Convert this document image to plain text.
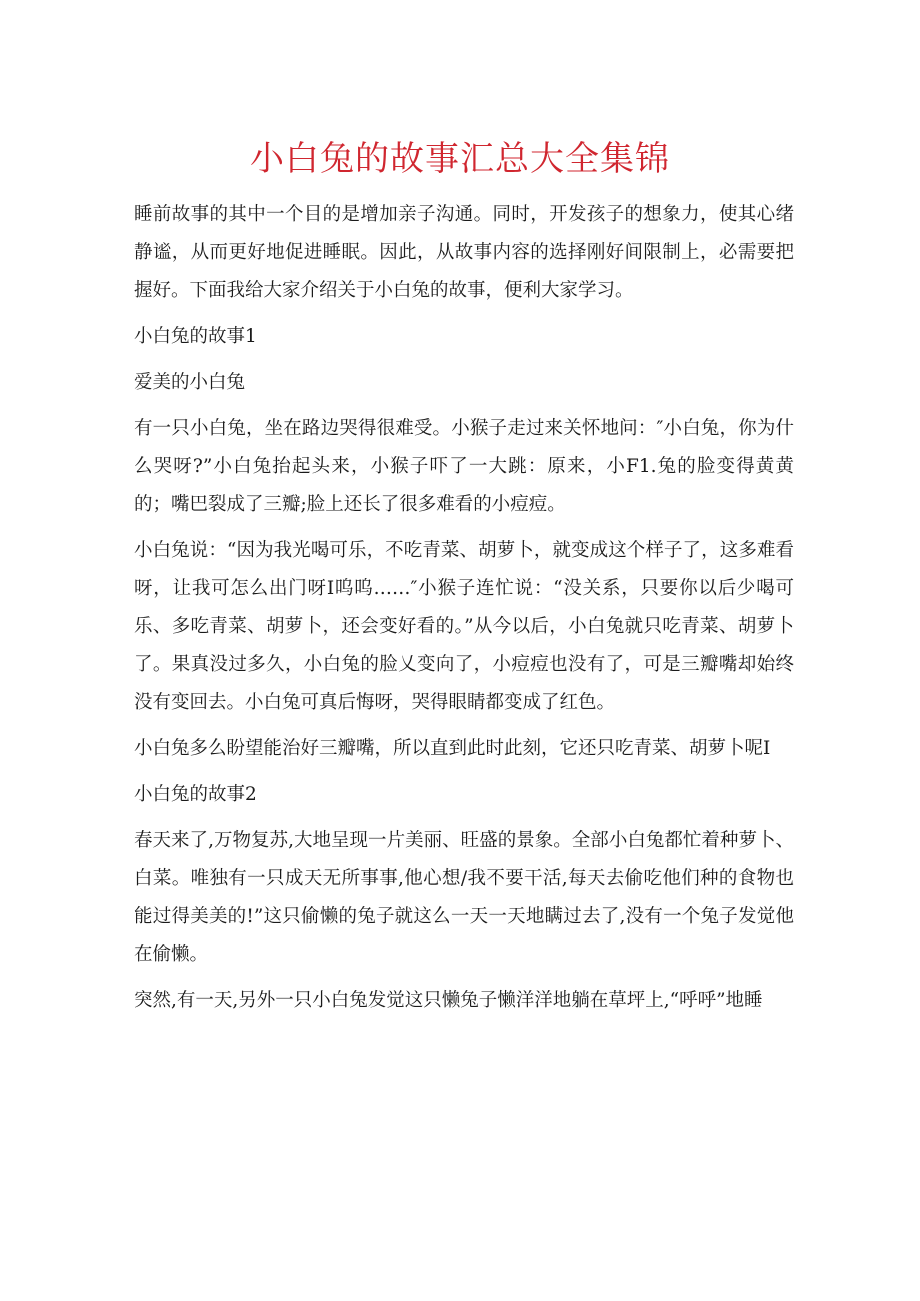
小白兔的故事汇总大全集锦

睡前故事的其中一个目的是增加亲子沟通。同时，开发孩子的想象力，使其心绪静谧，从而更好地促进睡眠。因此，从故事内容的选择刚好间限制上，必需要把握好。下面我给大家介绍关于小白兔的故事，便利大家学习。

小白兔的故事1

爱美的小白兔

有一只小白兔，坐在路边哭得很难受。小猴子走过来关怀地问：″小白兔，你为什么哭呀?”小白兔抬起头来，小猴子吓了一大跳：原来，小F1.兔的脸变得黄黄的；嘴巴裂成了三瓣;脸上还长了很多难看的小痘痘。

小白兔说：“因为我光喝可乐，不吃青菜、胡萝卜，就变成这个样子了，这多难看呀，让我可怎么出门呀I呜呜……″小猴子连忙说：“没关系，只要你以后少喝可乐、多吃青菜、胡萝卜，还会变好看的。”从今以后，小白兔就只吃青菜、胡萝卜了。果真没过多久，小白兔的脸乂变向了，小痘痘也没有了，可是三瓣嘴却始终没有变回去。小白兔可真后悔呀，哭得眼睛都变成了红色。

小白兔多么盼望能治好三瓣嘴，所以直到此时此刻，它还只吃青菜、胡萝卜呢I

小白兔的故事2

春天来了,万物复苏,大地呈现一片美丽、旺盛的景象。全部小白兔都忙着种萝卜、白菜。唯独有一只成天无所事事,他心想/我不要干活,每天去偷吃他们种的食物也能过得美美的!”这只偷懒的兔子就这么一天一天地瞒过去了,没有一个兔子发觉他在偷懒。

突然,有一天,另外一只小白兔发觉这只懒兔子懒洋洋地躺在草坪上,“呼呼”地睡
